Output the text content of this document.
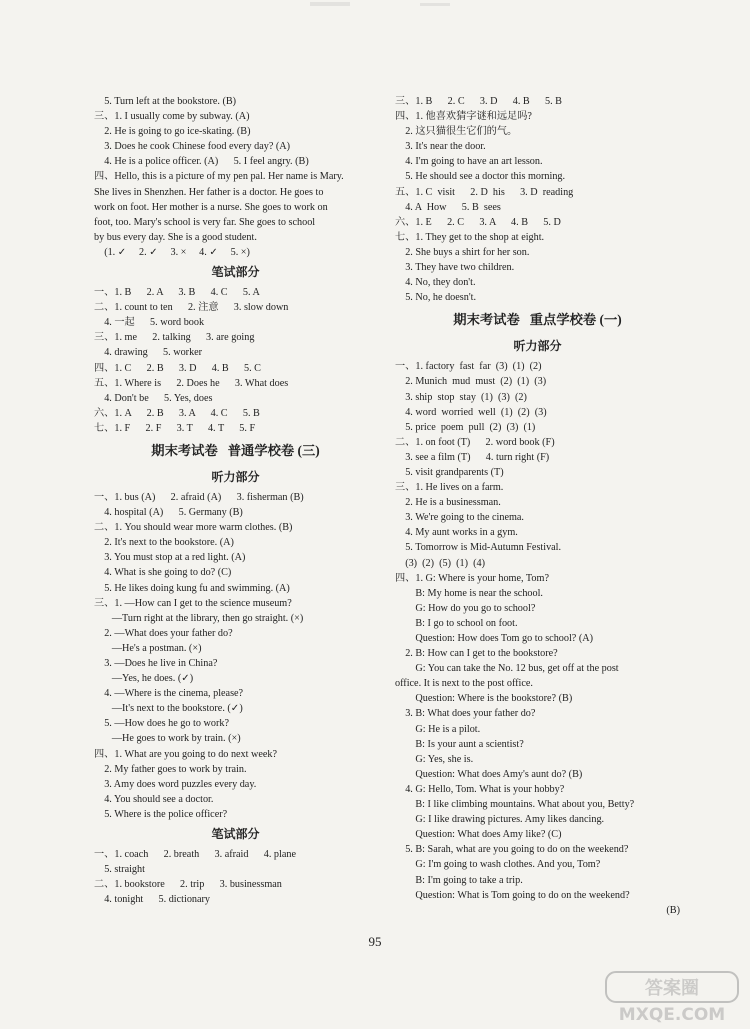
5. Turn left at the bookstore. (B)
三、1. I usually come by subway. (A)
2. He is going to go ice-skating. (B)
3. Does he cook Chinese food every day? (A)
4. He is a police officer. (A)      5. I feel angry. (B)
四、Hello, this is a picture of my pen pal. Her name is Mary.
She lives in Shenzhen. Her father is a doctor. He goes to
work on foot. Her mother is a nurse. She goes to work on
foot, too. Mary's school is very far. She goes to school
by bus every day. She is a good student.
(1. ✓     2. ✓     3. ×     4. ✓     5. ×)
笔试部分
一、1. B      2. A      3. B      4. C      5. A
二、1. count to ten      2. 注意      3. slow down
4. 一起      5. word book
三、1. me      2. talking      3. are going
4. drawing      5. worker
四、1. C      2. B      3. D      4. B      5. C
五、1. Where is      2. Does he      3. What does
4. Don't be      5. Yes, does
六、1. A      2. B      3. A      4. C      5. B
七、1. F      2. F      3. T      4. T      5. F
期末考试卷   普通学校卷 (三)
听力部分
一、1. bus (A)      2. afraid (A)      3. fisherman (B)
4. hospital (A)      5. Germany (B)
二、1. You should wear more warm clothes. (B)
2. It's next to the bookstore. (A)
3. You must stop at a red light. (A)
4. What is she going to do? (C)
5. He likes doing kung fu and swimming. (A)
三、1. —How can I get to the science museum?
—Turn right at the library, then go straight. (×)
2. —What does your father do?
—He's a postman. (×)
3. —Does he live in China?
—Yes, he does. (✓)
4. —Where is the cinema, please?
—It's next to the bookstore. (✓)
5. —How does he go to work?
—He goes to work by train. (×)
四、1. What are you going to do next week?
2. My father goes to work by train.
3. Amy does word puzzles every day.
4. You should see a doctor.
5. Where is the police officer?
笔试部分
一、1. coach      2. breath      3. afraid      4. plane
5. straight
二、1. bookstore      2. trip      3. businessman
4. tonight      5. dictionary
三、1. B      2. C      3. D      4. B      5. B
四、1. 他喜欢猜字谜和远足吗?
2. 这只猫很生它们的气。
3. It's near the door.
4. I'm going to have an art lesson.
5. He should see a doctor this morning.
五、1. C  visit      2. D  his      3. D  reading
4. A  How      5. B  sees
六、1. E      2. C      3. A      4. B      5. D
七、1. They get to the shop at eight.
2. She buys a shirt for her son.
3. They have two children.
4. No, they don't.
5. No, he doesn't.
期末考试卷   重点学校卷 (一)
听力部分
一、1. factory  fast  far  (3)  (1)  (2)
2. Munich  mud  must  (2)  (1)  (3)
3. ship  stop  stay  (1)  (3)  (2)
4. word  worried  well  (1)  (2)  (3)
5. price  poem  pull  (2)  (3)  (1)
二、1. on foot (T)      2. word book (F)
3. see a film (T)      4. turn right (F)
5. visit grandparents (T)
三、1. He lives on a farm.
2. He is a businessman.
3. We're going to the cinema.
4. My aunt works in a gym.
5. Tomorrow is Mid-Autumn Festival.
(3)  (2)  (5)  (1)  (4)
四、1. G: Where is your home, Tom?
B: My home is near the school.
G: How do you go to school?
B: I go to school on foot.
Question: How does Tom go to school? (A)
2. B: How can I get to the bookstore?
G: You can take the No. 12 bus, get off at the post
office. It is next to the post office.
Question: Where is the bookstore? (B)
3. B: What does your father do?
G: He is a pilot.
B: Is your aunt a scientist?
G: Yes, she is.
Question: What does Amy's aunt do? (B)
4. G: Hello, Tom. What is your hobby?
B: I like climbing mountains. What about you, Betty?
G: I like drawing pictures. Amy likes dancing.
Question: What does Amy like? (C)
5. B: Sarah, what are you going to do on the weekend?
G: I'm going to wash clothes. And you, Tom?
B: I'm going to take a trip.
Question: What is Tom going to do on the weekend?
(B)
95
答案圈
MXQE.COM
